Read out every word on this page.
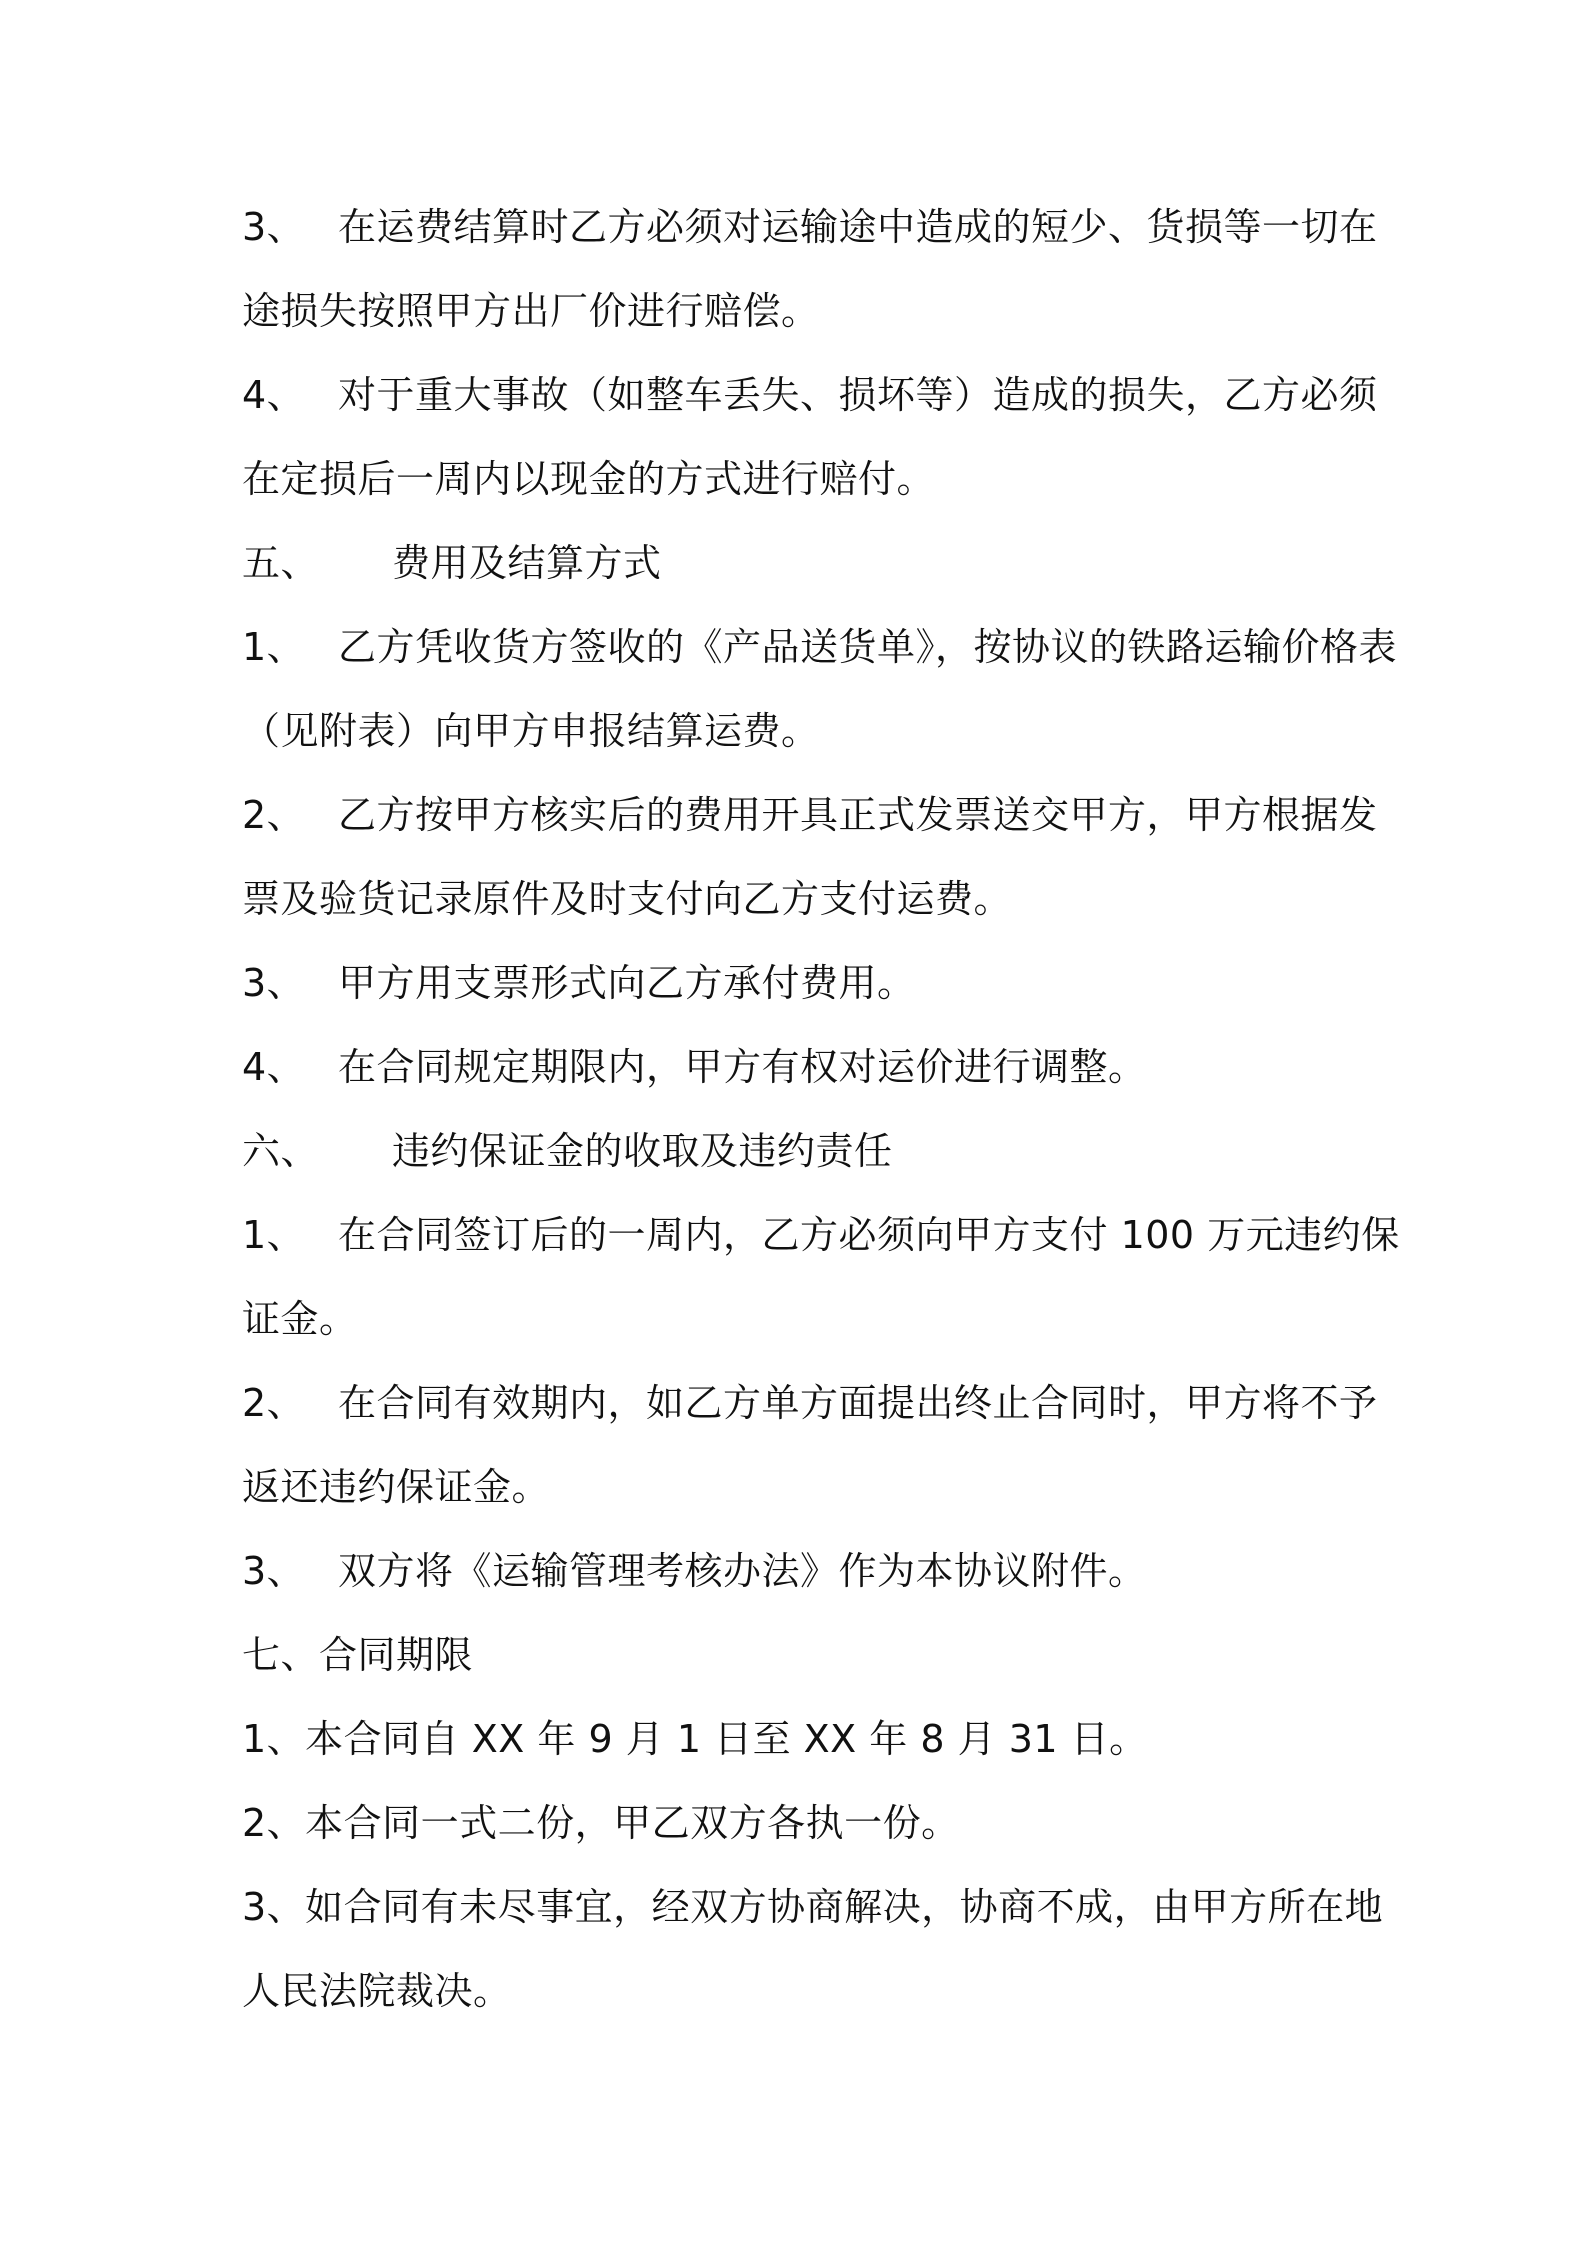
3、 在运费结算时乙方必须对运输途中造成的短少、货损等一切在
途损失按照甲方出厂价进行赔偿。
4、 对于重大事故（如整车丢失、损坏等）造成的损失，乙方必须
在定损后一周内以现金的方式进行赔付。
五、 费用及结算方式
1、 乙方凭收货方签收的《产品送货单》，按协议的铁路运输价格表
（见附表）向甲方申报结算运费。
2、 乙方按甲方核实后的费用开具正式发票送交甲方，甲方根据发
票及验货记录原件及时支付向乙方支付运费。
3、 甲方用支票形式向乙方承付费用。
4、 在合同规定期限内，甲方有权对运价进行调整。
六、 违约保证金的收取及违约责任
1、 在合同签订后的一周内，乙方必须向甲方支付 100 万元违约保
证金。
2、 在合同有效期内，如乙方单方面提出终止合同时，甲方将不予
返还违约保证金。
3、 双方将《运输管理考核办法》作为本协议附件。
七、合同期限
1、本合同自 XX 年 9 月 1 日至 XX 年 8 月 31 日。
2、本合同一式二份，甲乙双方各执一份。
3、如合同有未尽事宜，经双方协商解决，协商不成，由甲方所在地
人民法院裁决。
